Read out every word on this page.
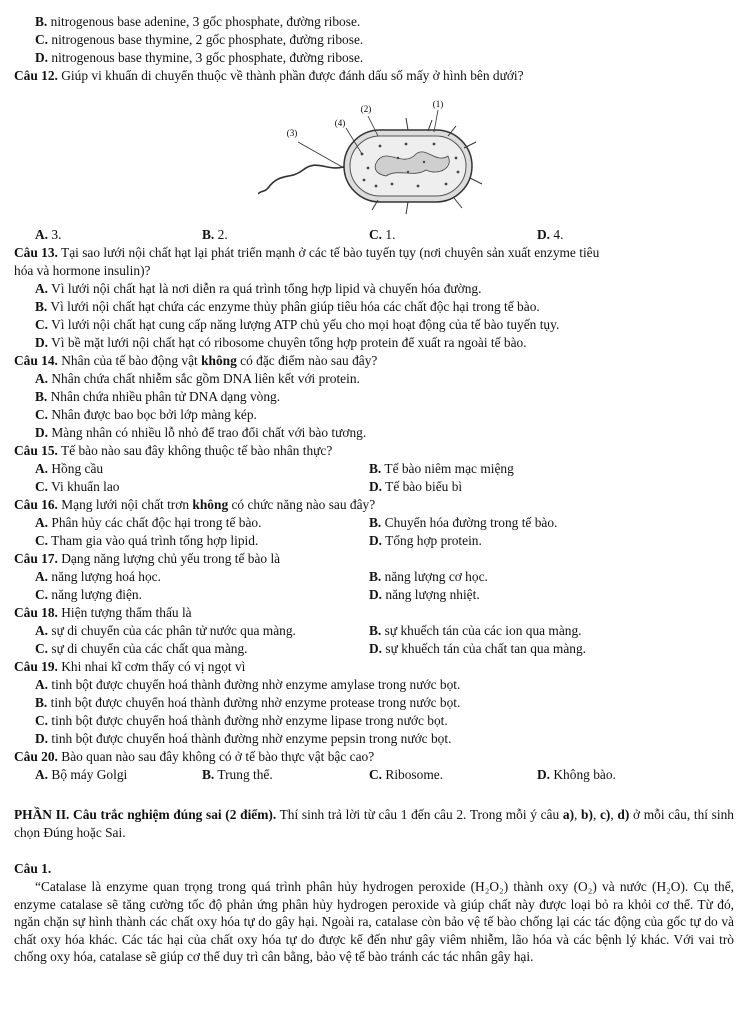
B. nitrogenous base adenine, 3 gốc phosphate, đường ribose.
C. nitrogenous base thymine, 2 gốc phosphate, đường ribose.
D. nitrogenous base thymine, 3 gốc phosphate, đường ribose.
Câu 12. Giúp vi khuẩn di chuyển thuộc về thành phần được đánh dấu số mấy ở hình bên dưới?
(1)
(2)
(3)
(4)
A. 3.	B. 2.	C. 1.	D. 4.
Câu 13. Tại sao lưới nội chất hạt lại phát triển mạnh ở các tế bào tuyến tụy (nơi chuyên sản xuất enzyme tiêu
hóa và hormone insulin)?
A. Vì lưới nội chất hạt là nơi diễn ra quá trình tổng hợp lipid và chuyển hóa đường.
B. Vì lưới nội chất hạt chứa các enzyme thủy phân giúp tiêu hóa các chất độc hại trong tế bào.
C. Vì lưới nội chất hạt cung cấp năng lượng ATP chủ yếu cho mọi hoạt động của tế bào tuyến tụy.
D. Vì bề mặt lưới nội chất hạt có ribosome chuyên tổng hợp protein để xuất ra ngoài tế bào.
Câu 14. Nhân của tế bào động vật không có đặc điểm nào sau đây?
A. Nhân chứa chất nhiễm sắc gồm DNA liên kết với protein.
B. Nhân chứa nhiều phân tử DNA dạng vòng.
C. Nhân được bao bọc bởi lớp màng kép.
D. Màng nhân có nhiều lỗ nhỏ để trao đổi chất với bào tương.
Câu 15. Tế bào nào sau đây không thuộc tế bào nhân thực?
A. Hồng cầu	B. Tế bào niêm mạc miệng
C. Vi khuẩn lao	D. Tế bào biểu bì
Câu 16. Mạng lưới nội chất trơn không có chức năng nào sau đây?
A. Phân hủy các chất độc hại trong tế bào.	B. Chuyển hóa đường trong tế bào.
C. Tham gia vào quá trình tổng hợp lipid.	D. Tổng hợp protein.
Câu 17. Dạng năng lượng chủ yếu trong tế bào là
A. năng lượng hoá học.	B. năng lượng cơ học.
C. năng lượng điện.	D. năng lượng nhiệt.
Câu 18. Hiện tượng thẩm thấu là
A. sự di chuyển của các phân tử nước qua màng.	B. sự khuếch tán của các ion qua màng.
C. sự di chuyển của các chất qua màng.	D. sự khuếch tán của chất tan qua màng.
Câu 19. Khi nhai kĩ cơm thấy có vị ngọt vì
A. tinh bột được chuyển hoá thành đường nhờ enzyme amylase trong nước bọt.
B. tinh bột được chuyển hoá thành đường nhờ enzyme protease trong nước bọt.
C. tinh bột được chuyển hoá thành đường nhờ enzyme lipase trong nước bọt.
D. tinh bột được chuyển hoá thành đường nhờ enzyme pepsin trong nước bọt.
Câu 20. Bào quan nào sau đây không có ở tế bào thực vật bậc cao?
A. Bộ máy Golgi	B. Trung thể.	C. Ribosome.	D. Không bào.
PHẦN II. Câu trắc nghiệm đúng sai (2 điểm). Thí sinh trả lời từ câu 1 đến câu 2. Trong mỗi ý câu a), b), c), d) ở mỗi câu, thí sinh chọn Đúng hoặc Sai.
Câu 1.
“Catalase là enzyme quan trọng trong quá trình phân hủy hydrogen peroxide (H₂O₂) thành oxy (O₂) và nước (H₂O). Cụ thể, enzyme catalase sẽ tăng cường tốc độ phản ứng phân hủy hydrogen peroxide và giúp chất này được loại bỏ ra khỏi cơ thể. Từ đó, ngăn chặn sự hình thành các chất oxy hóa tự do gây hại. Ngoài ra, catalase còn bảo vệ tế bào chống lại các tác động của gốc tự do và chất oxy hóa khác. Các tác hại của chất oxy hóa tự do được kể đến như gây viêm nhiễm, lão hóa và các bệnh lý khác. Với vai trò chống oxy hóa, catalase sẽ giúp cơ thể duy trì cân bằng, bảo vệ tế bào tránh các tác nhân gây hại.
